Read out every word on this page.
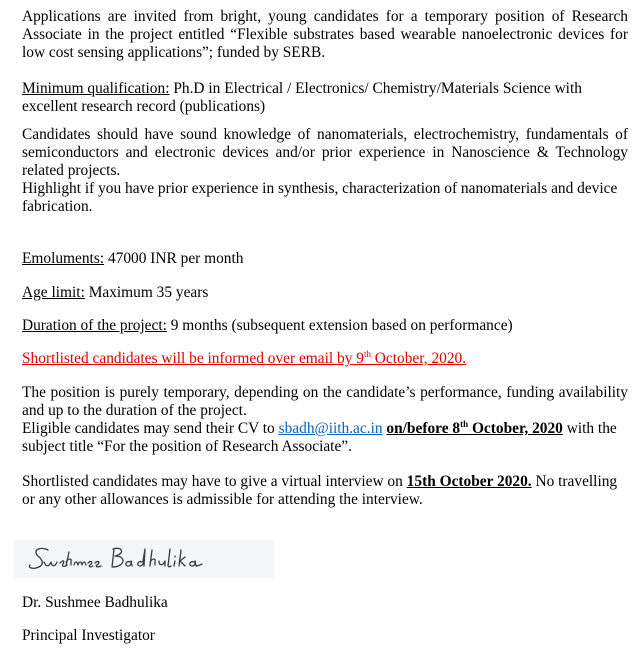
Applications are invited from bright, young candidates for a temporary position of Research Associate in the project entitled “Flexible substrates based wearable nanoelectronic devices for low cost sensing applications”; funded by SERB.

Minimum qualification: Ph.D in Electrical / Electronics/ Chemistry/Materials Science with excellent research record (publications)

Candidates should have sound knowledge of nanomaterials, electrochemistry, fundamentals of semiconductors and electronic devices and/or prior experience in Nanoscience & Technology related projects.

Highlight if you have prior experience in synthesis, characterization of nanomaterials and device fabrication.

Emoluments: 47000 INR per month

Age limit: Maximum 35 years

Duration of the project: 9 months (subsequent extension based on performance)

Shortlisted candidates will be informed over email by 9th October, 2020.

The position is purely temporary, depending on the candidate’s performance, funding availability and up to the duration of the project.

Eligible candidates may send their CV to sbadh@iith.ac.in on/before 8th October, 2020 with the subject title “For the position of Research Associate”.

Shortlisted candidates may have to give a virtual interview on 15th October 2020. No travelling or any other allowances is admissible for attending the interview.

Dr. Sushmee Badhulika

Principal Investigator
